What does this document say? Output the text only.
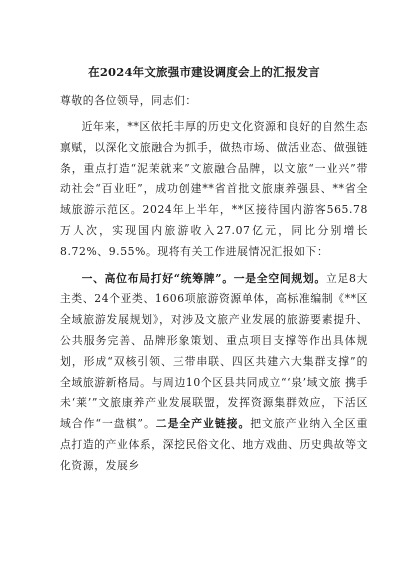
在2024年文旅强市建设调度会上的汇报发言

尊敬的各位领导，同志们：

近年来，**区依托丰厚的历史文化资源和良好的自然生态禀赋，以深化文旅融合为抓手，做热市场、做活业态、做强链条，重点打造“泥茉就来”文旅融合品牌，以文旅“一业兴”带动社会“百业旺”，成功创建**省首批文旅康养强县、**省全域旅游示范区。2024年上半年，**区接待国内游客565.78万人次，实现国内旅游收入27.07亿元，同比分别增长8.72%、9.55%。现将有关工作进展情况汇报如下：

一、高位布局打好“统筹牌”。一是全空间规划。立足8大主类、24个亚类、1606项旅游资源单体，高标准编制《**区全域旅游发展规划》，对涉及文旅产业发展的旅游要素提升、公共服务完善、品牌形象策划、重点项目支撑等作出具体规划，形成“双核引领、三带串联、四区共建六大集群支撑”的全域旅游新格局。与周边10个区县共同成立“‘泉’域文旅 携手未‘莱’”文旅康养产业发展联盟，发挥资源集群效应，下活区域合作“一盘棋”。二是全产业链接。把文旅产业纳入全区重点打造的产业体系，深挖民俗文化、地方戏曲、历史典故等文化资源，发展乡
